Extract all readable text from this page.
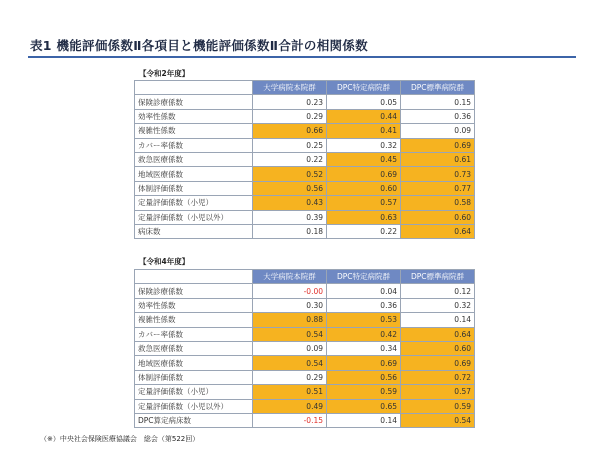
表1 機能評価係数Ⅱ各項目と機能評価係数Ⅱ合計の相関係数
【令和2年度】
	大学病院本院群	DPC特定病院群	DPC標準病院群
保険診療係数	0.23	0.05	0.15
効率性係数	0.29	0.44	0.36
複雑性係数	0.66	0.41	0.09
カバー率係数	0.25	0.32	0.69
救急医療係数	0.22	0.45	0.61
地域医療係数	0.52	0.69	0.73
体制評価係数	0.56	0.60	0.77
定量評価係数（小児）	0.43	0.57	0.58
定量評価係数（小児以外）	0.39	0.63	0.60
病床数	0.18	0.22	0.64
【令和4年度】
	大学病院本院群	DPC特定病院群	DPC標準病院群
保険診療係数	-0.00	0.04	0.12
効率性係数	0.30	0.36	0.32
複雑性係数	0.88	0.53	0.14
カバー率係数	0.54	0.42	0.64
救急医療係数	0.09	0.34	0.60
地域医療係数	0.54	0.69	0.69
体制評価係数	0.29	0.56	0.72
定量評価係数（小児）	0.51	0.59	0.57
定量評価係数（小児以外）	0.49	0.65	0.59
DPC算定病床数	-0.15	0.14	0.54
（※）中央社会保険医療協議会　総会（第522回）
